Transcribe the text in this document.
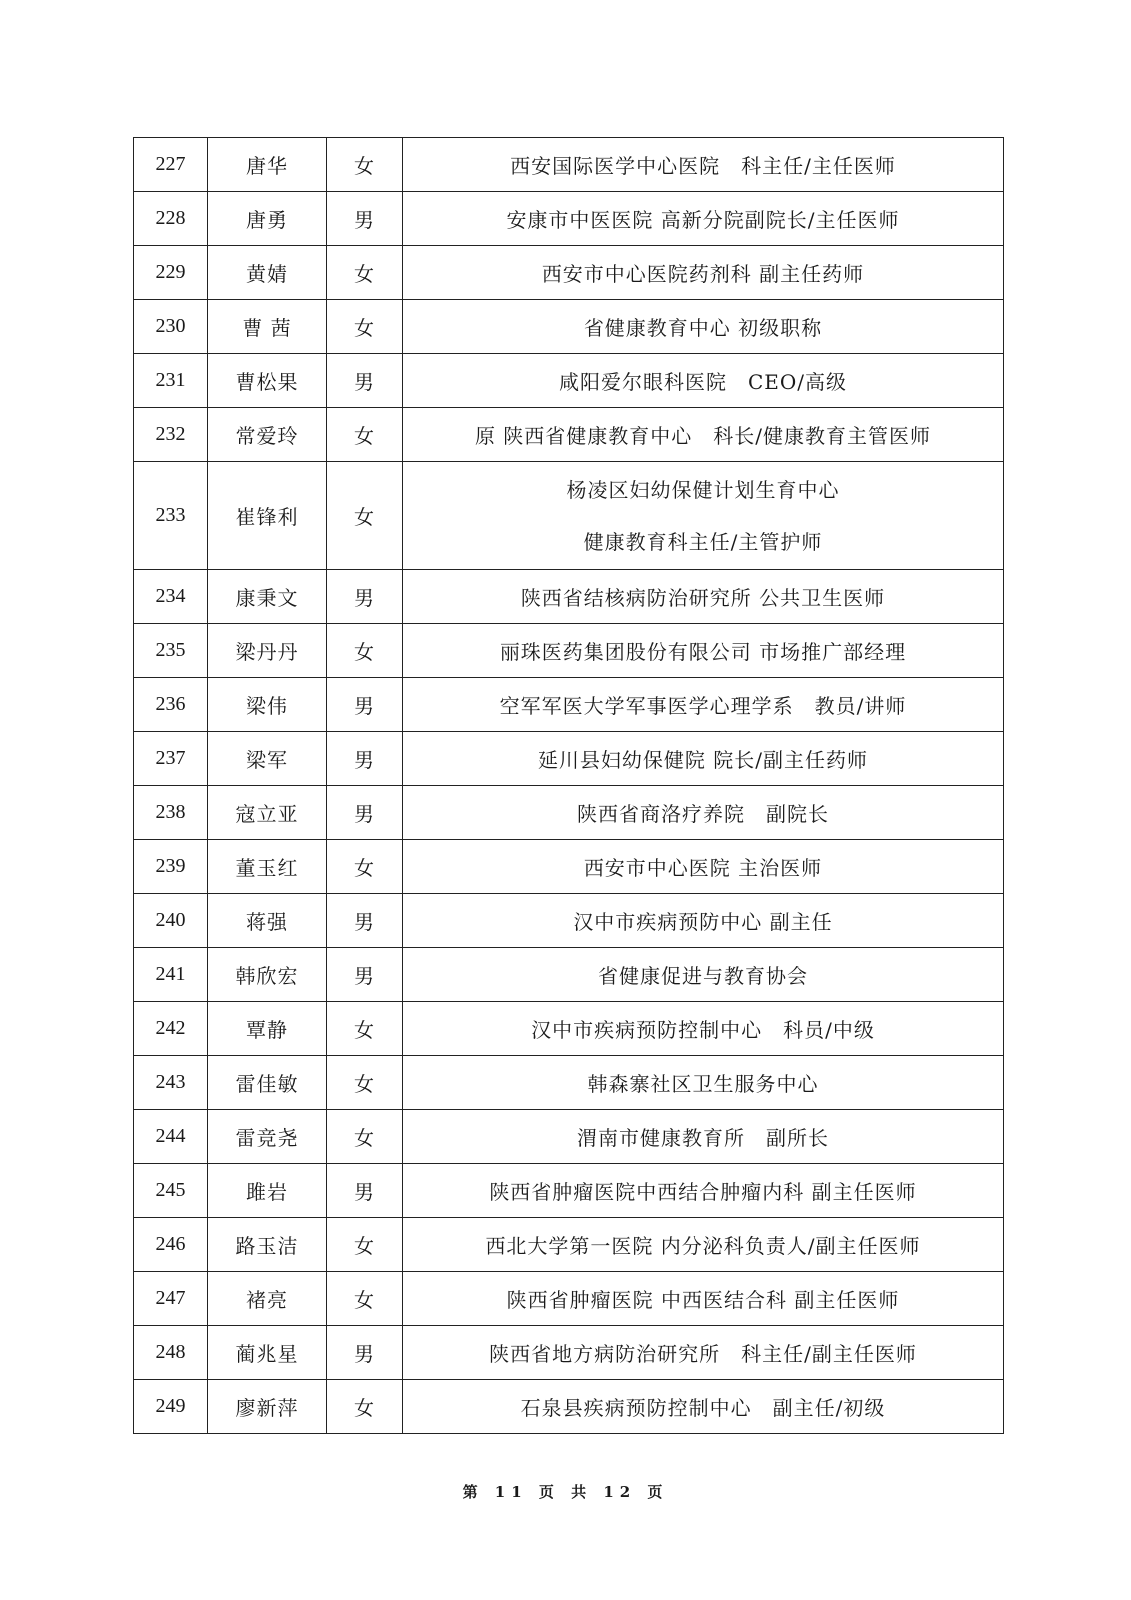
227	唐华	女	西安国际医学中心医院　科主任/主任医师
228	唐勇	男	安康市中医医院 高新分院副院长/主任医师
229	黄婧	女	西安市中心医院药剂科 副主任药师
230	曹 茜	女	省健康教育中心 初级职称
231	曹松果	男	咸阳爱尔眼科医院　CEO/高级
232	常爱玲	女	原 陕西省健康教育中心　科长/健康教育主管医师
233	崔锋利	女	杨凌区妇幼保健计划生育中心
健康教育科主任/主管护师

234	康秉文	男	陕西省结核病防治研究所 公共卫生医师
235	梁丹丹	女	丽珠医药集团股份有限公司 市场推广部经理
236	梁伟	男	空军军医大学军事医学心理学系　教员/讲师
237	梁军	男	延川县妇幼保健院 院长/副主任药师
238	寇立亚	男	陕西省商洛疗养院　副院长
239	董玉红	女	西安市中心医院 主治医师
240	蒋强	男	汉中市疾病预防中心 副主任
241	韩欣宏	男	省健康促进与教育协会
242	覃静	女	汉中市疾病预防控制中心　科员/中级
243	雷佳敏	女	韩森寨社区卫生服务中心
244	雷竞尧	女	渭南市健康教育所　副所长
245	雎岩	男	陕西省肿瘤医院中西结合肿瘤内科 副主任医师
246	路玉洁	女	西北大学第一医院 内分泌科负责人/副主任医师
247	褚亮	女	陕西省肿瘤医院 中西医结合科 副主任医师
248	蔺兆星	男	陕西省地方病防治研究所　科主任/副主任医师
249	廖新萍	女	石泉县疾病预防控制中心　副主任/初级
第 11 页 共 12 页
